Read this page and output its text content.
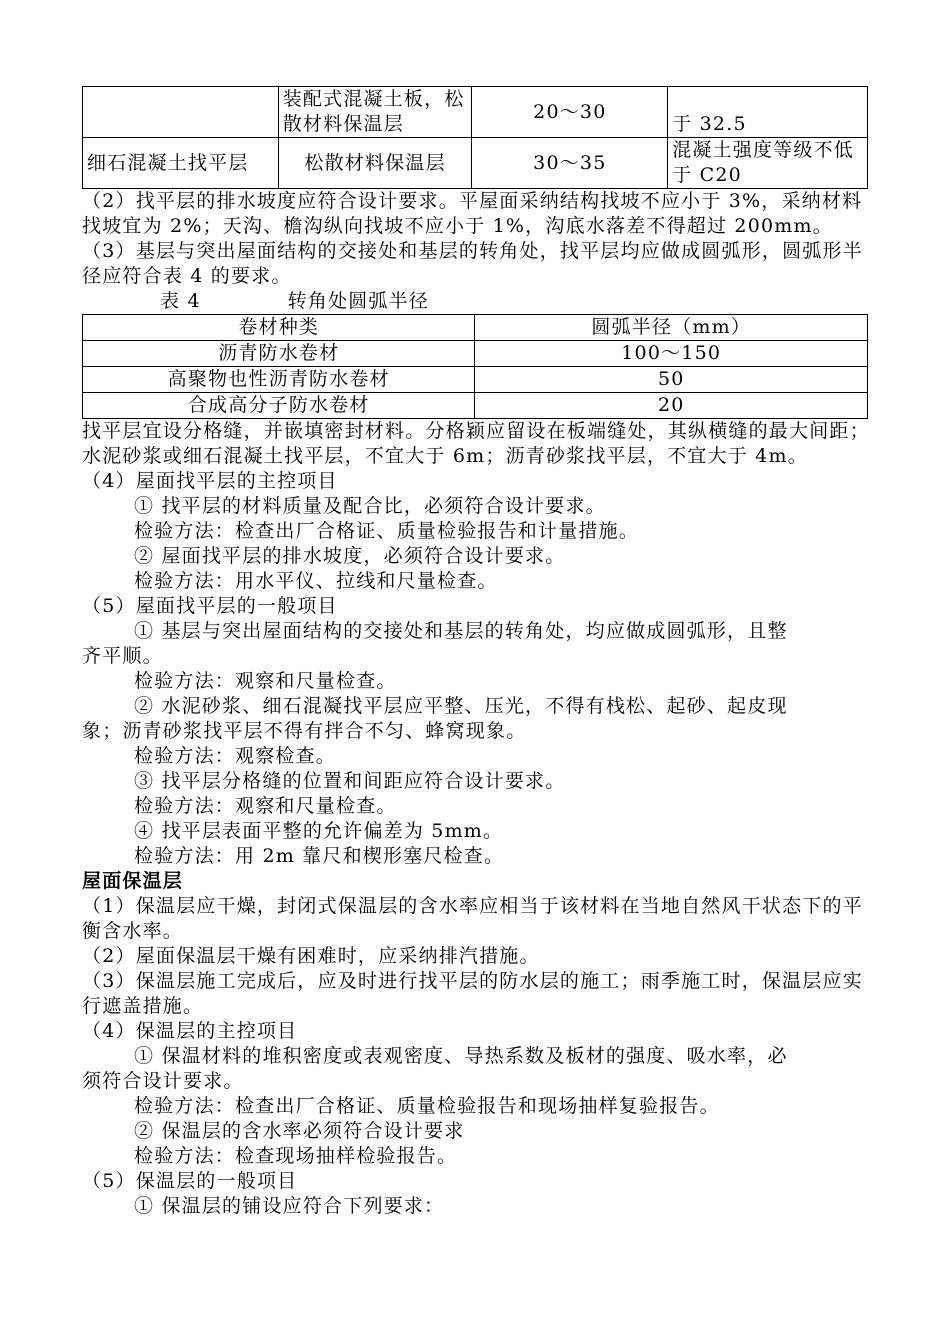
	装配式混凝土板，松散材料保温层	20～30	于 32.5
细石混凝土找平层	松散材料保温层	30～35	混凝土强度等级不低于 C20

（2）找平层的排水坡度应符合设计要求。平屋面采纳结构找坡不应小于 3%，采纳材料找坡宜为 2%；天沟、檐沟纵向找坡不应小于 1%，沟底水落差不得超过 200mm。

（3）基层与突出屋面结构的交接处和基层的转角处，找平层均应做成圆弧形，圆弧形半径应符合表 4 的要求。

表 4	转角处圆弧半径

卷材种类	圆弧半径（mm）
沥青防水卷材	100～150
高聚物也性沥青防水卷材	50
合成高分子防水卷材	20

找平层宜设分格缝，并嵌填密封材料。分格颖应留设在板端缝处，其纵横缝的最大间距；水泥砂浆或细石混凝土找平层，不宜大于 6m；沥青砂浆找平层，不宜大于 4m。

（4）屋面找平层的主控项目

① 找平层的材料质量及配合比，必须符合设计要求。

检验方法：检查出厂合格证、质量检验报告和计量措施。

② 屋面找平层的排水坡度，必须符合设计要求。

检验方法：用水平仪、拉线和尺量检查。

（5）屋面找平层的一般项目

① 基层与突出屋面结构的交接处和基层的转角处，均应做成圆弧形，且整

齐平顺。

检验方法：观察和尺量检查。

② 水泥砂浆、细石混凝找平层应平整、压光，不得有栈松、起砂、起皮现

象；沥青砂浆找平层不得有拌合不匀、蜂窝现象。

检验方法：观察检查。

③ 找平层分格缝的位置和间距应符合设计要求。

检验方法：观察和尺量检查。

④ 找平层表面平整的允许偏差为 5mm。

检验方法：用 2m 靠尺和楔形塞尺检查。

屋面保温层

（1）保温层应干燥，封闭式保温层的含水率应相当于该材料在当地自然风干状态下的平衡含水率。

（2）屋面保温层干燥有困难时，应采纳排汽措施。

（3）保温层施工完成后，应及时进行找平层的防水层的施工；雨季施工时，保温层应实行遮盖措施。

（4）保温层的主控项目

① 保温材料的堆积密度或表观密度、导热系数及板材的强度、吸水率，必

须符合设计要求。

检验方法：检查出厂合格证、质量检验报告和现场抽样复验报告。

② 保温层的含水率必须符合设计要求

检验方法：检查现场抽样检验报告。

（5）保温层的一般项目

① 保温层的铺设应符合下列要求：
